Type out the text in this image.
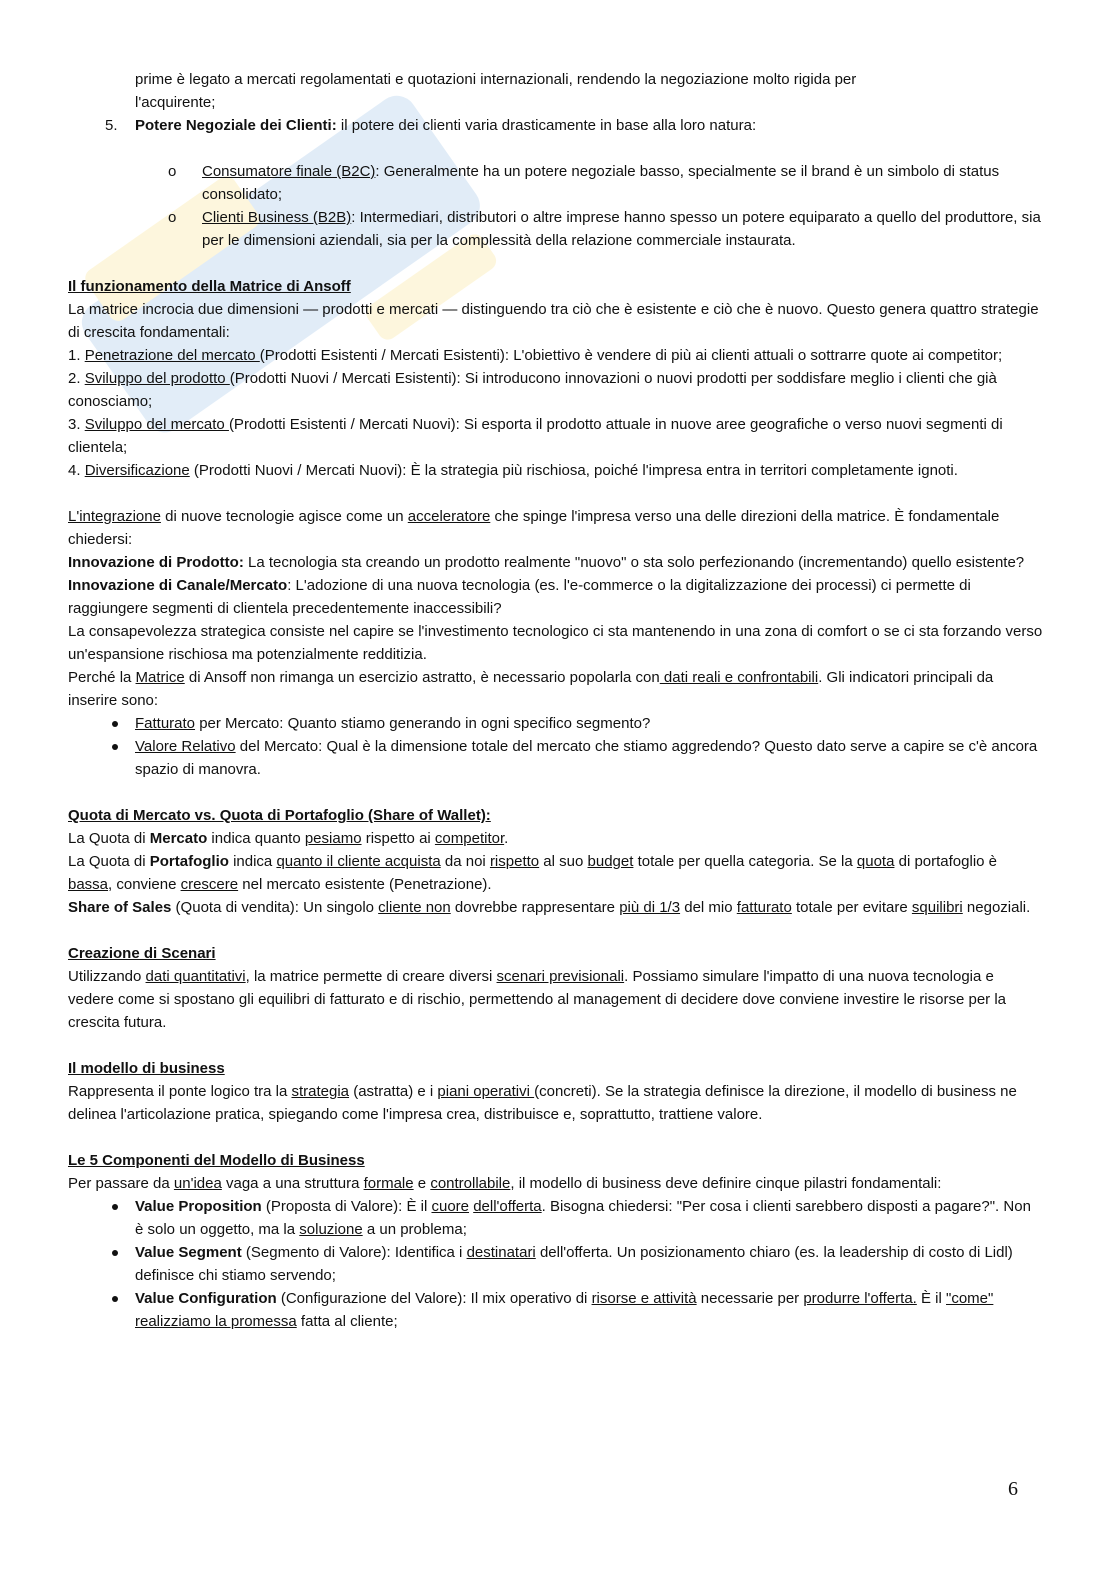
prime è legato a mercati regolamentati e quotazioni internazionali, rendendo la negoziazione molto rigida per
l'acquirente;

5.	Potere Negoziale dei Clienti: il potere dei clienti varia drasticamente in base alla loro natura:
o	Consumatore finale (B2C): Generalmente ha un potere negoziale basso, specialmente se il brand è un simbolo di status consolidato;
o	Clienti Business (B2B): Intermediari, distributori o altre imprese hanno spesso un potere equiparato a quello del produttore, sia per le dimensioni aziendali, sia per la complessità della relazione commerciale instaurata.

Il funzionamento della Matrice di Ansoff

La matrice incrocia due dimensioni — prodotti e mercati — distinguendo tra ciò che è esistente e ciò che è nuovo. Questo genera quattro strategie di crescita fondamentali:

1. Penetrazione del mercato (Prodotti Esistenti / Mercati Esistenti): L'obiettivo è vendere di più ai clienti attuali o sottrarre quote ai competitor;

2. Sviluppo del prodotto (Prodotti Nuovi / Mercati Esistenti): Si introducono innovazioni o nuovi prodotti per soddisfare meglio i clienti che già conosciamo;

3. Sviluppo del mercato (Prodotti Esistenti / Mercati Nuovi): Si esporta il prodotto attuale in nuove aree geografiche o verso nuovi segmenti di clientela;

4. Diversificazione (Prodotti Nuovi / Mercati Nuovi): È la strategia più rischiosa, poiché l'impresa entra in territori completamente ignoti.

L'integrazione di nuove tecnologie agisce come un acceleratore che spinge l'impresa verso una delle direzioni della matrice. È fondamentale chiedersi:

Innovazione di Prodotto: La tecnologia sta creando un prodotto realmente "nuovo" o sta solo perfezionando (incrementando) quello esistente?

Innovazione di Canale/Mercato: L'adozione di una nuova tecnologia (es. l'e-commerce o la digitalizzazione dei processi) ci permette di raggiungere segmenti di clientela precedentemente inaccessibili?

La consapevolezza strategica consiste nel capire se l'investimento tecnologico ci sta mantenendo in una zona di comfort o se ci sta forzando verso un'espansione rischiosa ma potenzialmente redditizia.

Perché la Matrice di Ansoff non rimanga un esercizio astratto, è necessario popolarla con dati reali e confrontabili. Gli indicatori principali da inserire sono:

Fatturato per Mercato: Quanto stiamo generando in ogni specifico segmento?
Valore Relativo del Mercato: Qual è la dimensione totale del mercato che stiamo aggredendo? Questo dato serve a capire se c'è ancora spazio di manovra.

Quota di Mercato vs. Quota di Portafoglio (Share of Wallet):

La Quota di Mercato indica quanto pesiamo rispetto ai competitor.

La Quota di Portafoglio indica quanto il cliente acquista da noi rispetto al suo budget totale per quella categoria. Se la quota di portafoglio è bassa, conviene crescere nel mercato esistente (Penetrazione).

Share of Sales (Quota di vendita): Un singolo cliente non dovrebbe rappresentare più di 1/3 del mio fatturato totale per evitare squilibri negoziali.

Creazione di Scenari

Utilizzando dati quantitativi, la matrice permette di creare diversi scenari previsionali. Possiamo simulare l'impatto di una nuova tecnologia e vedere come si spostano gli equilibri di fatturato e di rischio, permettendo al management di decidere dove conviene investire le risorse per la crescita futura.

Il modello di business

Rappresenta il ponte logico tra la strategia (astratta) e i piani operativi (concreti). Se la strategia definisce la direzione, il modello di business ne delinea l'articolazione pratica, spiegando come l'impresa crea, distribuisce e, soprattutto, trattiene valore.

Le 5 Componenti del Modello di Business

Per passare da un'idea vaga a una struttura formale e controllabile, il modello di business deve definire cinque pilastri fondamentali:

Value Proposition (Proposta di Valore): È il cuore dell'offerta. Bisogna chiedersi: "Per cosa i clienti sarebbero disposti a pagare?". Non è solo un oggetto, ma la soluzione a un problema;
Value Segment (Segmento di Valore): Identifica i destinatari dell'offerta. Un posizionamento chiaro (es. la leadership di costo di Lidl) definisce chi stiamo servendo;
Value Configuration (Configurazione del Valore): Il mix operativo di risorse e attività necessarie per produrre l'offerta. È il "come" realizziamo la promessa fatta al cliente;
6
